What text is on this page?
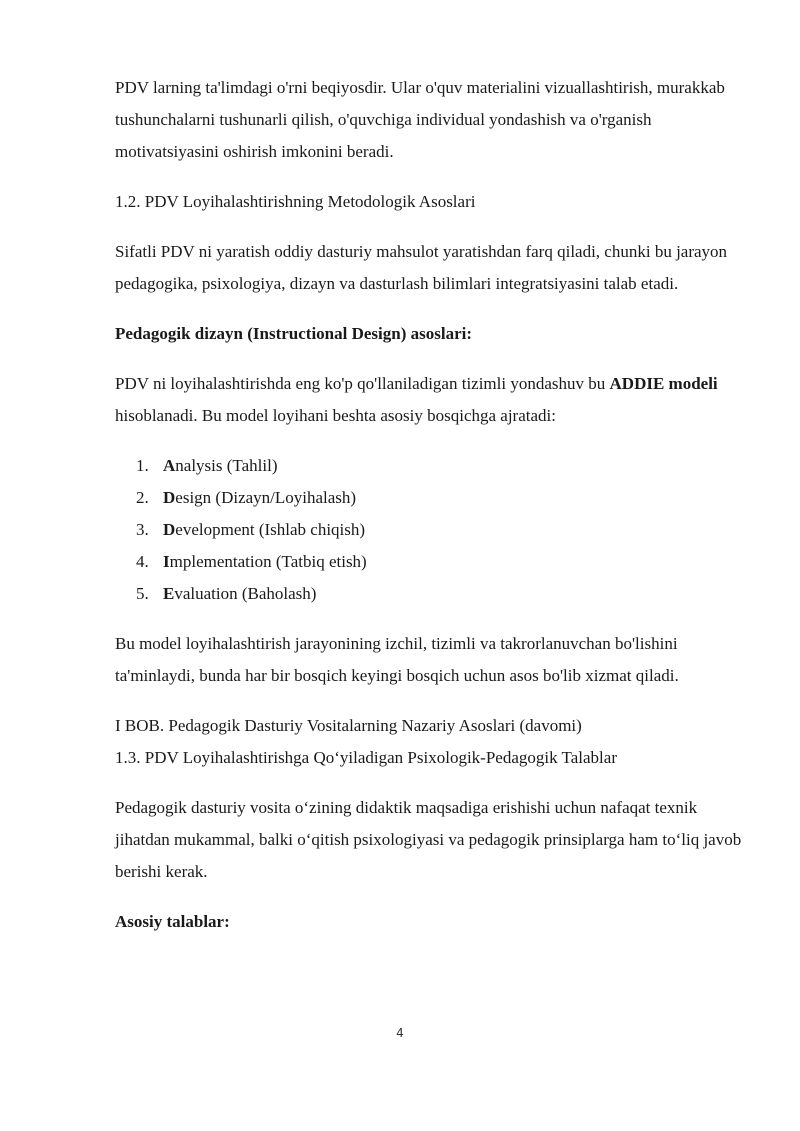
PDV larning ta'limdagi o'rni beqiyosdir. Ular o'quv materialini vizuallashtirish, murakkab tushunchalarni tushunarli qilish, o'quvchiga individual yondashish va o'rganish motivatsiyasini oshirish imkonini beradi.

1.2. PDV Loyihalashtirishning Metodologik Asoslari

Sifatli PDV ni yaratish oddiy dasturiy mahsulot yaratishdan farq qiladi, chunki bu jarayon pedagogika, psixologiya, dizayn va dasturlash bilimlari integratsiyasini talab etadi.

Pedagogik dizayn (Instructional Design) asoslari:

PDV ni loyihalashtirishda eng ko'p qo'llaniladigan tizimli yondashuv bu ADDIE modeli hisoblanadi. Bu model loyihani beshta asosiy bosqichga ajratadi:

1. Analysis (Tahlil)
2. Design (Dizayn/Loyihalash)
3. Development (Ishlab chiqish)
4. Implementation (Tatbiq etish)
5. Evaluation (Baholash)

Bu model loyihalashtirish jarayonining izchil, tizimli va takrorlanuvchan bo'lishini ta'minlaydi, bunda har bir bosqich keyingi bosqich uchun asos bo'lib xizmat qiladi.

I BOB. Pedagogik Dasturiy Vositalarning Nazariy Asoslari (davomi)

1.3. PDV Loyihalashtirishga Qo‘yiladigan Psixologik-Pedagogik Talablar

Pedagogik dasturiy vosita o‘zining didaktik maqsadiga erishishi uchun nafaqat texnik jihatdan mukammal, balki o‘qitish psixologiyasi va pedagogik prinsiplarga ham to‘liq javob berishi kerak.

Asosiy talablar:

4
